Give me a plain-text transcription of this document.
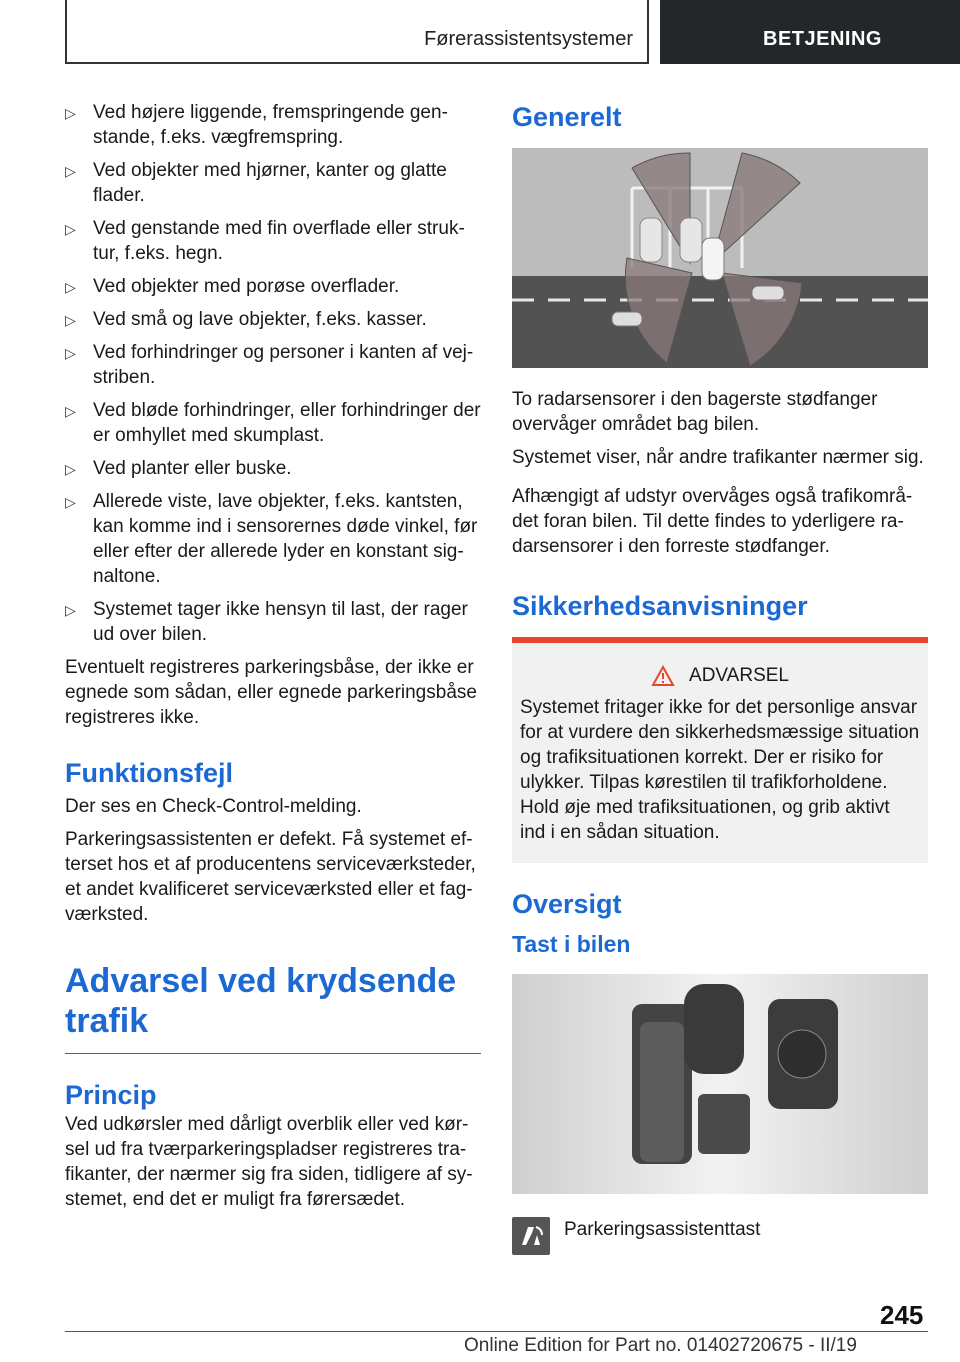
Førerassistentsystemer	BETJENING
▷ Ved højere liggende, fremspringende gen-stande, f.eks. vægfremspring.
▷ Ved objekter med hjørner, kanter og glatte flader.
▷ Ved genstande med fin overflade eller struk-tur, f.eks. hegn.
▷ Ved objekter med porøse overflader.
▷ Ved små og lave objekter, f.eks. kasser.
▷ Ved forhindringer og personer i kanten af vej-striben.
▷ Ved bløde forhindringer, eller forhindringer der er omhyllet med skumplast.
▷ Ved planter eller buske.
▷ Allerede viste, lave objekter, f.eks. kantsten, kan komme ind i sensorernes døde vinkel, før eller efter der allerede lyder en konstant sig-naltone.
▷ Systemet tager ikke hensyn til last, der rager ud over bilen.

Eventuelt registreres parkeringsbåse, der ikke er egnede som sådan, eller egnede parkeringsbåse registreres ikke.

Funktionsfejl

Der ses en Check-Control-melding.

Parkeringsassistenten er defekt. Få systemet ef-terset hos et af producentens serviceværksteder, et andet kvalificeret serviceværksted eller et fag-værksted.

Advarsel ved krydsende
trafik
Princip

Ved udkørsler med dårligt overblik eller ved kør-sel ud fra tværparkeringspladser registreres tra-fikanter, der nærmer sig fra siden, tidligere af sy-stemet, end det er muligt fra førersædet.

Generelt

To radarsensorer i den bagerste stødfanger overvåger området bag bilen.

Systemet viser, når andre trafikanter nærmer sig.

Afhængigt af udstyr overvåges også trafikområ-det foran bilen. Til dette findes to yderligere ra-darsensorer i den forreste stødfanger.

Sikkerhedsanvisninger
ADVARSEL
Systemet fritager ikke for det personlige ansvar for at vurdere den sikkerhedsmæssige situation og trafiksituationen korrekt. Der er risiko for ulykker. Tilpas kørestilen til trafikforholdene. Hold øje med trafiksituationen, og grib aktivt ind i en sådan situation.
Oversigt
Tast i bilen
Parkeringsassistenttast
245
Online Edition for Part no. 01402720675 - II/19
